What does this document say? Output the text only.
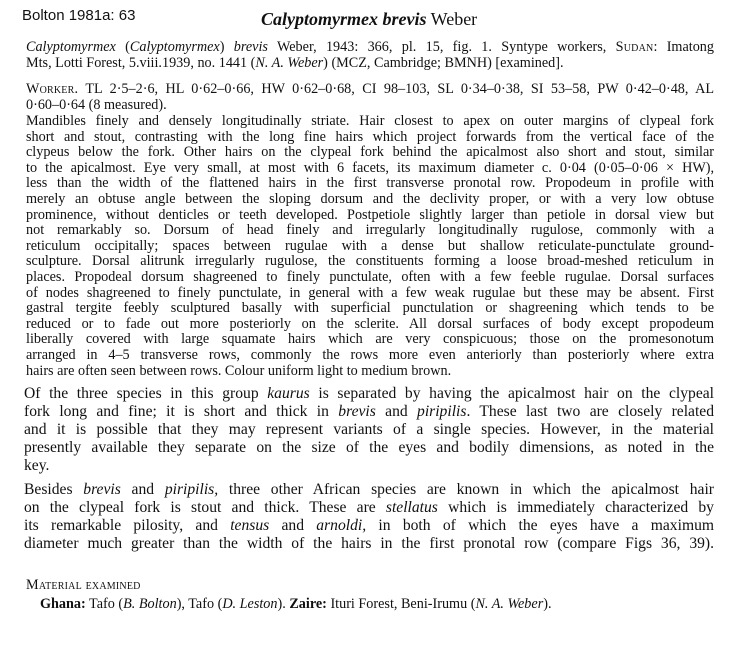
Bolton 1981a: 63	Calyptomyrmex brevis Weber
Calyptomyrmex (Calyptomyrmex) brevis Weber, 1943: 366, pl. 15, fig. 1. Syntype workers, Sudan: Imatong
Mts, Lotti Forest, 5.viii.1939, no. 1441 (N. A. Weber) (MCZ, Cambridge; BMNH) [examined].
Worker. TL 2·5–2·6, HL 0·62–0·66, HW 0·62–0·68, CI 98–103, SL 0·34–0·38, SI 53–58, PW 0·42–0·48, AL
0·60–0·64 (8 measured).
Mandibles finely and densely longitudinally striate. Hair closest to apex on outer margins of clypeal fork
short and stout, contrasting with the long fine hairs which project forwards from the vertical face of the
clypeus below the fork. Other hairs on the clypeal fork behind the apicalmost also short and stout, similar
to the apicalmost. Eye very small, at most with 6 facets, its maximum diameter c. 0·04 (0·05–0·06 × HW),
less than the width of the flattened hairs in the first transverse pronotal row. Propodeum in profile with
merely an obtuse angle between the sloping dorsum and the declivity proper, or with a very low obtuse
prominence, without denticles or teeth developed. Postpetiole slightly larger than petiole in dorsal view but
not remarkably so. Dorsum of head finely and irregularly longitudinally rugulose, commonly with a
reticulum occipitally; spaces between rugulae with a dense but shallow reticulate-punctulate ground-
sculpture. Dorsal alitrunk irregularly rugulose, the constituents forming a loose broad-meshed reticulum in
places. Propodeal dorsum shagreened to finely punctulate, often with a few feeble rugulae. Dorsal surfaces
of nodes shagreened to finely punctulate, in general with a few weak rugulae but these may be absent. First
gastral tergite feebly sculptured basally with superficial punctulation or shagreening which tends to be
reduced or to fade out more posteriorly on the sclerite. All dorsal surfaces of body except propodeum
liberally covered with large squamate hairs which are very conspicuous; those on the promesonotum
arranged in 4–5 transverse rows, commonly the rows more even anteriorly than posteriorly where extra
hairs are often seen between rows. Colour uniform light to medium brown.
Of the three species in this group kaurus is separated by having the apicalmost hair on the clypeal
fork long and fine; it is short and thick in brevis and piripilis. These last two are closely related
and it is possible that they may represent variants of a single species. However, in the material
presently available they separate on the size of the eyes and bodily dimensions, as noted in the
key.
Besides brevis and piripilis, three other African species are known in which the apicalmost hair
on the clypeal fork is stout and thick. These are stellatus which is immediately characterized by
its remarkable pilosity, and tensus and arnoldi, in both of which the eyes have a maximum
diameter much greater than the width of the hairs in the first pronotal row (compare Figs 36, 39).
Material examined
Ghana: Tafo (B. Bolton), Tafo (D. Leston). Zaire: Ituri Forest, Beni-Irumu (N. A. Weber).
